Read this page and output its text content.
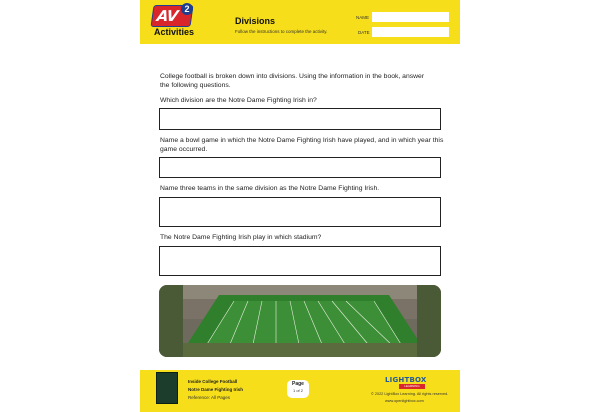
AV 2
Activities
Divisions
Follow the instructions to complete the activity.
NAME
DATE
College football is broken down into divisions. Using the information in the book, answer the following questions.
Which division are the Notre Dame Fighting Irish in?
Name a bowl game in which the Notre Dame Fighting Irish have played, and in which year this game occurred.
Name three teams in the same division as the Notre Dame Fighting Irish.
The Notre Dame Fighting Irish play in which stadium?
Inside College Football
Notre Dame Fighting Irish
Reference: All Pages
Page
1 of 2
LIGHTBOX
LEARNING
© 2022 LightBox Learning. All rights reserved.
www.openlightbox.com
